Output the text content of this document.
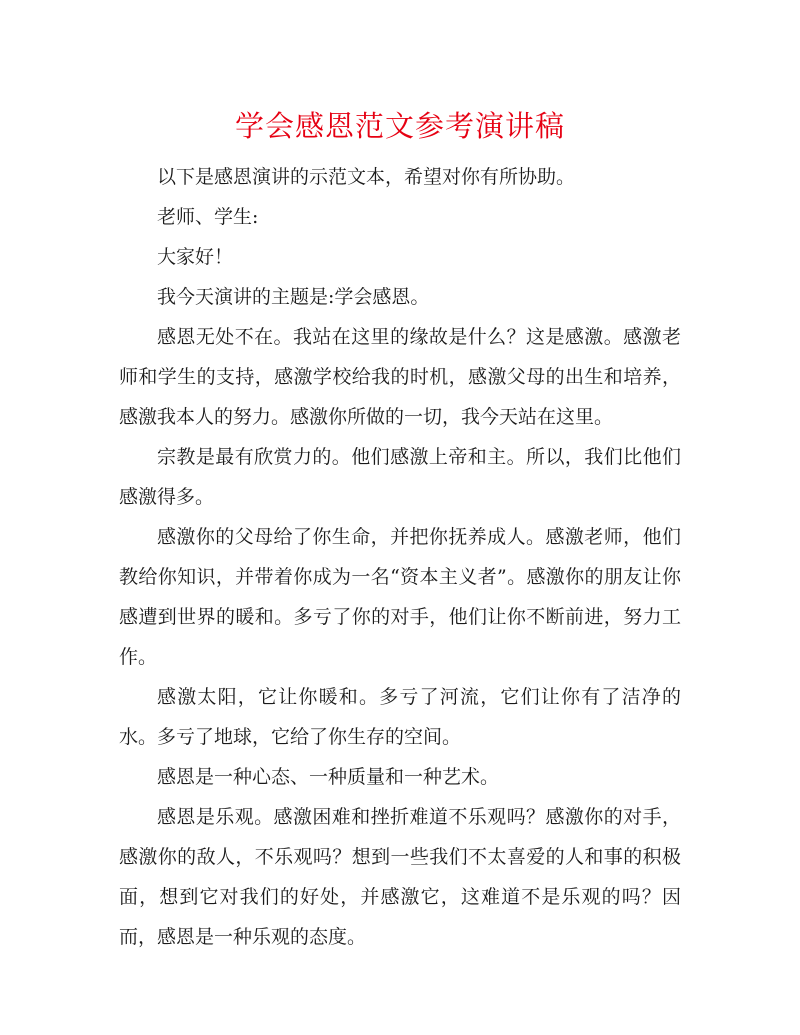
学会感恩范文参考演讲稿

以下是感恩演讲的示范文本，希望对你有所协助。

老师、学生:

大家好！

我今天演讲的主题是:学会感恩。

感恩无处不在。我站在这里的缘故是什么？这是感激。感激老师和学生的支持，感激学校给我的时机，感激父母的出生和培养，感激我本人的努力。感激你所做的一切，我今天站在这里。

宗教是最有欣赏力的。他们感激上帝和主。所以，我们比他们感激得多。

感激你的父母给了你生命，并把你抚养成人。感激老师，他们教给你知识，并带着你成为一名“资本主义者”。感激你的朋友让你感遭到世界的暖和。多亏了你的对手，他们让你不断前进，努力工作。

感激太阳，它让你暖和。多亏了河流，它们让你有了洁净的水。多亏了地球，它给了你生存的空间。

感恩是一种心态、一种质量和一种艺术。

感恩是乐观。感激困难和挫折难道不乐观吗？感激你的对手，感激你的敌人，不乐观吗？想到一些我们不太喜爱的人和事的积极面，想到它对我们的好处，并感激它，这难道不是乐观的吗？因而，感恩是一种乐观的态度。
